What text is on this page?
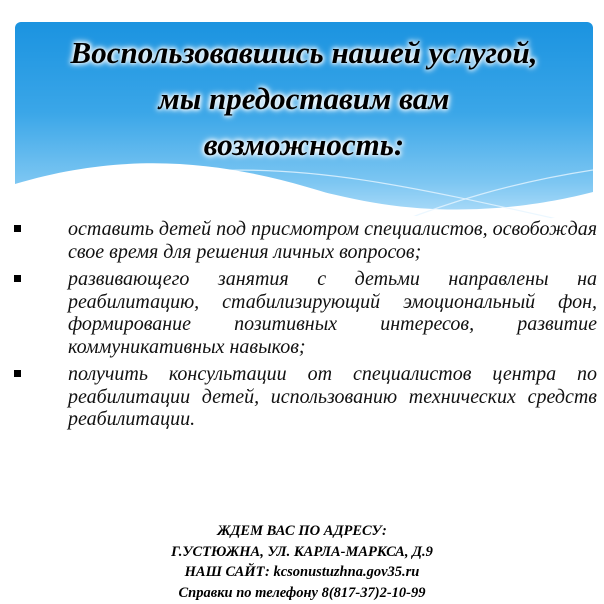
Воспользовавшись нашей услугой,
мы предоставим вам
возможность:
оставить детей под присмотром специалистов, освобождая свое время для решения личных вопросов;
развивающего занятия с детьми направлены на реабилитацию, стабилизирующий эмоциональный фон, формирование позитивных интересов, развитие коммуникативных навыков;
получить консультации от специалистов центра по реабилитации детей, использованию технических средств реабилитации.
ЖДЕМ ВАС ПО АДРЕСУ:
Г.УСТЮЖНА, УЛ. КАРЛА-МАРКСА, Д.9
НАШ САЙТ: kcsonustuzhna.gov35.ru
Справки по телефону 8(817-37)2-10-99
